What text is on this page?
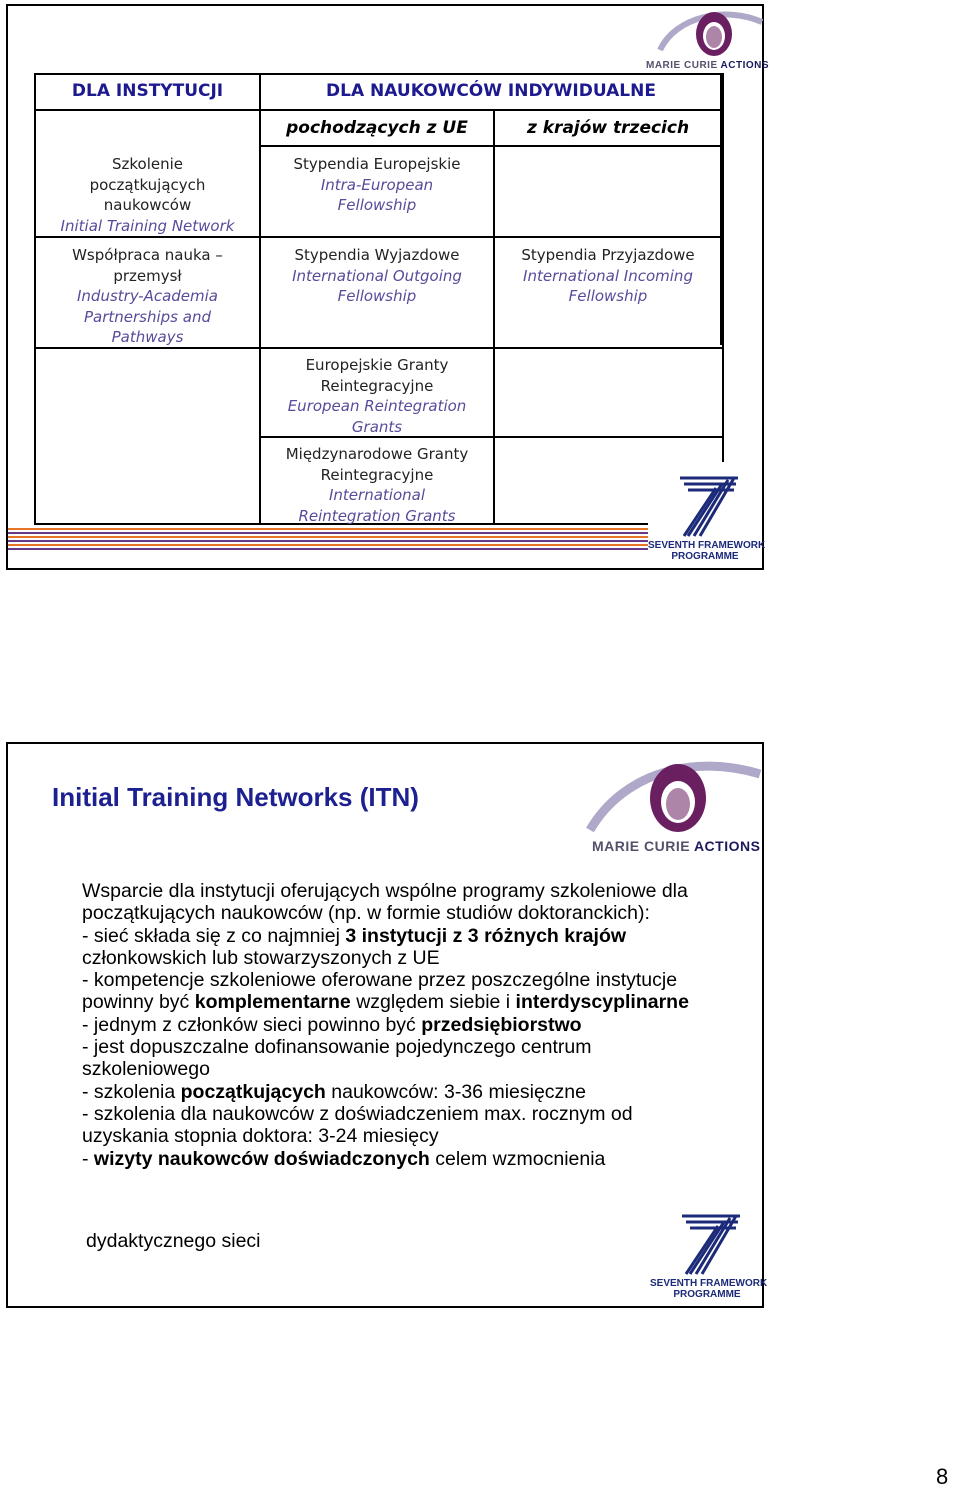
MARIE CURIE ACTIONS
DLA INSTYTUCJI	DLA NAUKOWCÓW INDYWIDUALNE
pochodzących z UE	z krajów trzecich
Szkolenie
początkujących
naukowców
Initial Training Network
Stypendia Europejskie
Intra-European
Fellowship
Współpraca nauka –
przemysł
Industry-Academia
Partnerships and
Pathways
Stypendia Wyjazdowe
International Outgoing
Fellowship
Stypendia Przyjazdowe
International Incoming
Fellowship
Europejskie Granty
Reintegracyjne
European Reintegration
Grants
Międzynarodowe Granty
Reintegracyjne
International
Reintegration Grants
SEVENTH FRAMEWORK
PROGRAMME
Initial Training Networks (ITN)
MARIE CURIE ACTIONS

Wsparcie dla instytucji oferujących wspólne programy szkoleniowe dla początkujących naukowców (np. w formie studiów doktoranckich):

- sieć składa się z co najmniej 3 instytucji z 3 różnych krajów członkowskich lub stowarzyszonych z UE

- kompetencje szkoleniowe oferowane przez poszczególne instytucje powinny być komplementarne względem siebie i interdyscyplinarne

- jednym z członków sieci powinno być przedsiębiorstwo

- jest dopuszczalne dofinansowanie pojedynczego centrum szkoleniowego

- szkolenia początkujących naukowców: 3-36 miesięczne

- szkolenia dla naukowców z doświadczeniem max. rocznym od uzyskania stopnia doktora: 3-24 miesięcy

- wizyty naukowców doświadczonych celem wzmocnienia

dydaktycznego sieci
SEVENTH FRAMEWORK
PROGRAMME
8
